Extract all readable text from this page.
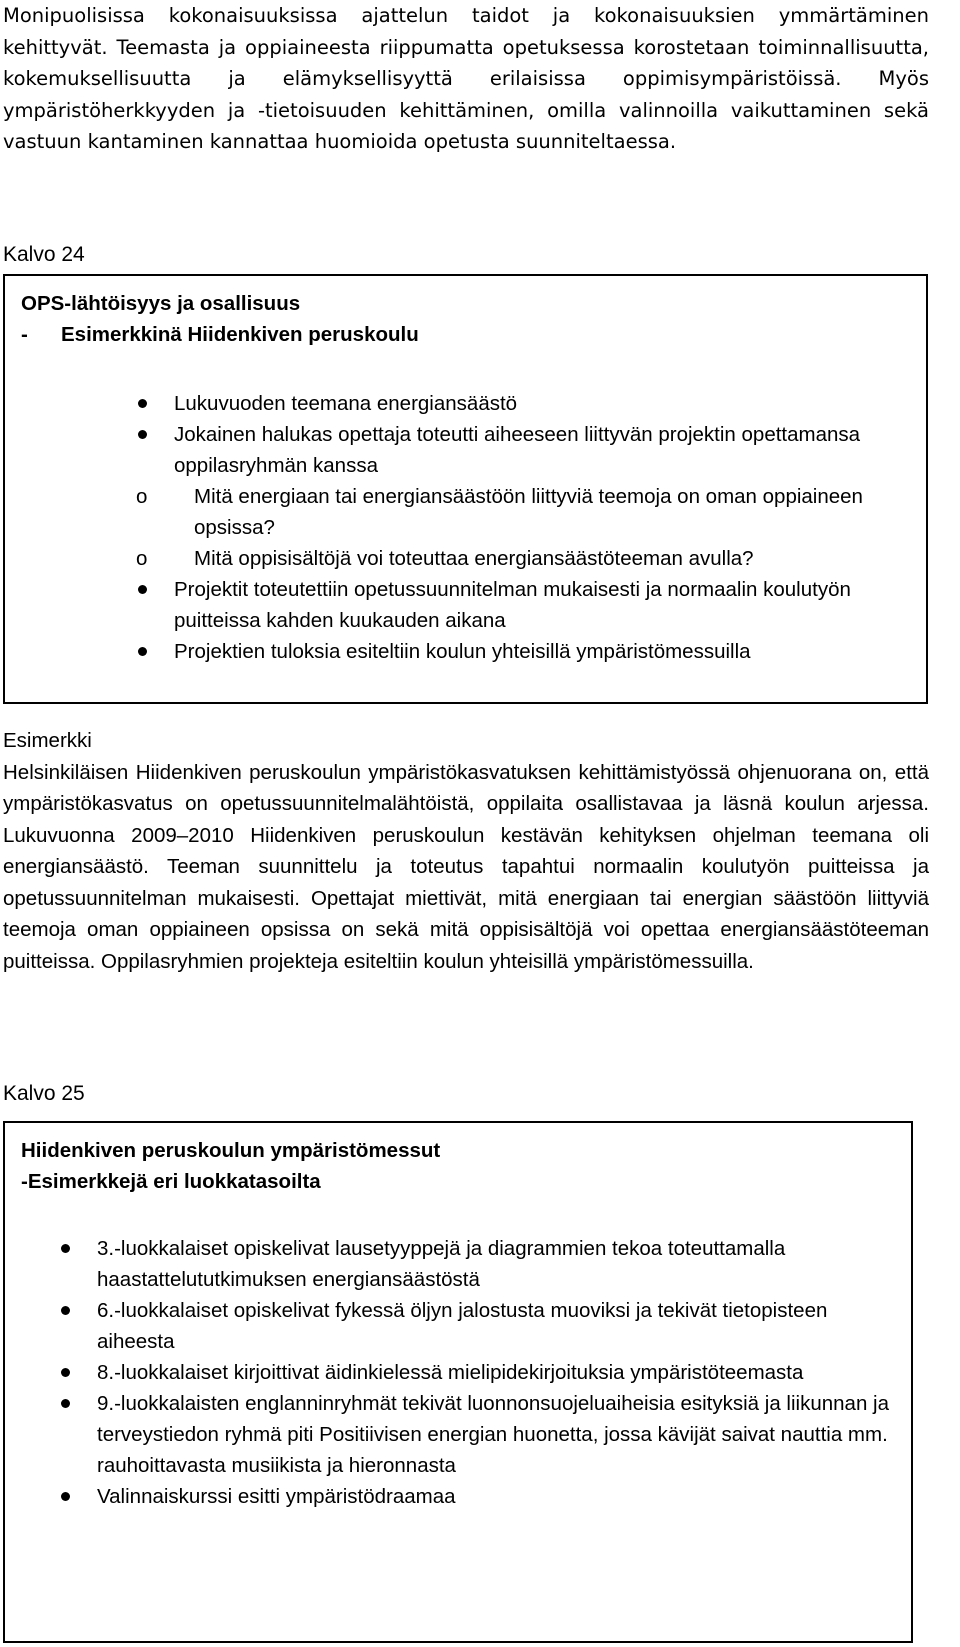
Monipuolisissa kokonaisuuksissa ajattelun taidot ja kokonaisuuksien ymmärtäminen kehittyvät. Teemasta ja oppiaineesta riippumatta opetuksessa korostetaan toiminnallisuutta, kokemuksellisuutta ja elämyksellisyyttä erilaisissa oppimisympäristöissä. Myös ympäristöherkkyyden ja -tietoisuuden kehittäminen, omilla valinnoilla vaikuttaminen sekä vastuun kantaminen kannattaa huomioida opetusta suunniteltaessa.

Kalvo 24

OPS-lähtöisyys ja osallisuus

- Esimerkkinä Hiidenkiven peruskoulu

Lukuvuoden teemana energiansäästö
Jokainen halukas opettaja toteutti aiheeseen liittyvän projektin opettamansa oppilasryhmän kanssa
o	Mitä energiaan tai energiansäästöön liittyviä teemoja on oman oppiaineen opsissa?
o	Mitä oppisisältöjä voi toteuttaa energiansäästöteeman avulla?
Projektit toteutettiin opetussuunnitelman mukaisesti ja normaalin koulutyön puitteissa kahden kuukauden aikana
Projektien tuloksia esiteltiin koulun yhteisillä ympäristömessuilla

Esimerkki

Helsinkiläisen Hiidenkiven peruskoulun ympäristökasvatuksen kehittämistyössä ohjenuorana on, että ympäristökasvatus on opetussuunnitelmalähtöistä, oppilaita osallistavaa ja läsnä koulun arjessa. Lukuvuonna 2009–2010 Hiidenkiven peruskoulun kestävän kehityksen ohjelman teemana oli energiansäästö. Teeman suunnittelu ja toteutus tapahtui normaalin koulutyön puitteissa ja opetussuunnitelman mukaisesti. Opettajat miettivät, mitä energiaan tai energian säästöön liittyviä teemoja oman oppiaineen opsissa on sekä mitä oppisisältöjä voi opettaa energiansäästöteeman puitteissa. Oppilasryhmien projekteja esiteltiin koulun yhteisillä ympäristömessuilla.

Kalvo 25

Hiidenkiven peruskoulun ympäristömessut

-Esimerkkejä eri luokkatasoilta

3.-luokkalaiset opiskelivat lausetyyppejä ja diagrammien tekoa toteuttamalla haastattelututkimuksen energiansäästöstä
6.-luokkalaiset opiskelivat fykessä öljyn jalostusta muoviksi ja tekivät tietopisteen aiheesta
8.-luokkalaiset kirjoittivat äidinkielessä mielipidekirjoituksia ympäristöteemasta
9.-luokkalaisten englanninryhmät tekivät luonnonsuojeluaiheisia esityksiä ja liikunnan ja terveystiedon ryhmä piti Positiivisen energian huonetta, jossa kävijät saivat nauttia mm. rauhoittavasta musiikista ja hieronnasta
Valinnaiskurssi esitti ympäristödraamaa
